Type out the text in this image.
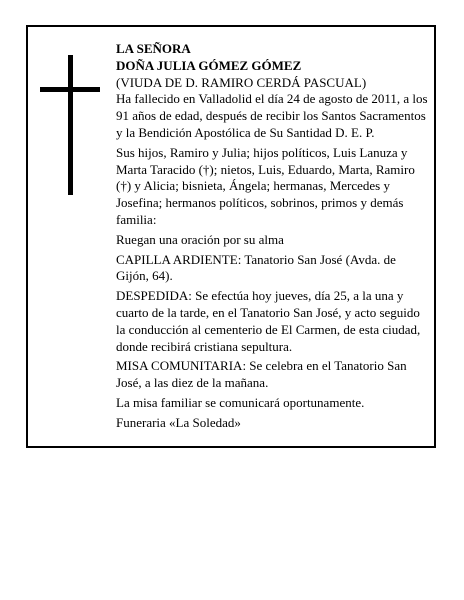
LA SEÑORA

DOÑA JULIA GÓMEZ GÓMEZ

(VIUDA DE D. RAMIRO CERDÁ PASCUAL)

Ha fallecido en Valladolid el día 24 de agosto de 2011, a los 91 años de edad, después de recibir los Santos Sacramentos y la Bendición Apostólica de Su Santidad D. E. P.

Sus hijos, Ramiro y Julia; hijos políticos, Luis Lanuza y Marta Taracido (†); nietos, Luis, Eduardo, Marta, Ramiro (†) y Alicia; bisnieta, Ángela; hermanas, Mercedes y Josefina; hermanos políticos, sobrinos, primos y demás familia:

Ruegan una oración por su alma

CAPILLA ARDIENTE: Tanatorio San José (Avda. de Gijón, 64).

DESPEDIDA: Se efectúa hoy jueves, día 25, a la una y cuarto de la tarde, en el Tanatorio San José, y acto seguido la conducción al cementerio de El Carmen, de esta ciudad, donde recibirá cristiana sepultura.

MISA COMUNITARIA: Se celebra en el Tanatorio San José, a las diez de la mañana.

La misa familiar se comunicará oportunamente.

Funeraria «La Soledad»
